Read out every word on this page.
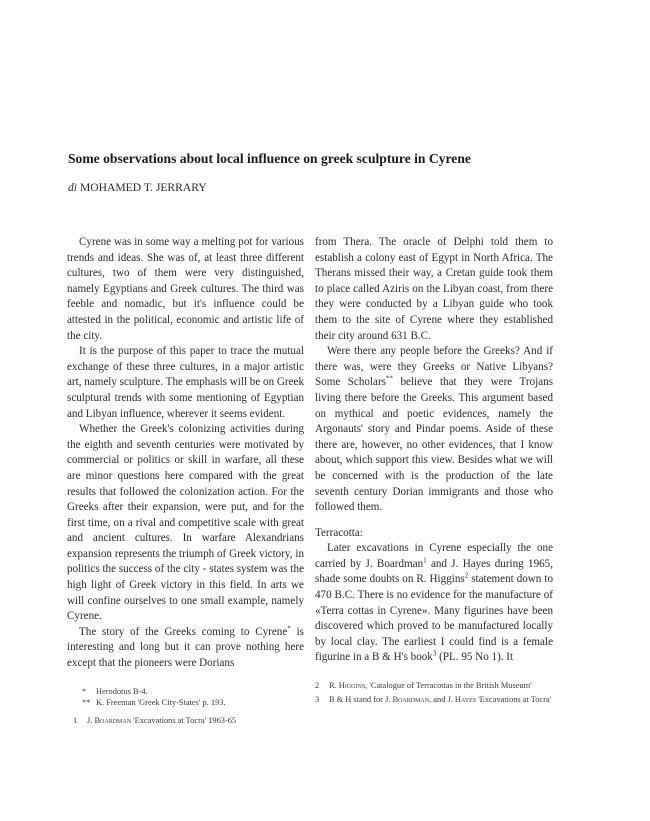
Some observations about local influence on greek sculpture in Cyrene
di MOHAMED T. JERRARY

Cyrene was in some way a melting pot for various trends and ideas. She was of, at least three different cultures, two of them were very distinguished, namely Egyptians and Greek cultures. The third was feeble and nomadic, but it's influence could be attested in the political, economic and artistic life of the city.

It is the purpose of this paper to trace the mutual exchange of these three cultures, in a major artistic art, namely sculpture. The emphasis will be on Greek sculptural trends with some mentioning of Egyptian and Libyan influence, wherever it seems evident.

Whether the Greek's colonizing activities during the eighth and seventh centuries were motivated by commercial or politics or skill in warfare, all these are minor questions here compared with the great results that followed the colonization action. For the Greeks after their expansion, were put, and for the first time, on a rival and competitive scale with great and ancient cultures. In warfare Alexandrians expansion represents the triumph of Greek victory, in politics the success of the city - states system was the high light of Greek victory in this field. In arts we will confine ourselves to one small example, namely Cyrene.

The story of the Greeks coming to Cyrene* is interesting and long but it can prove nothing here except that the pioneers were Dorians

from Thera. The oracle of Delphi told them to establish a colony east of Egypt in North Africa. The Therans missed their way, a Cretan guide took them to place called Aziris on the Libyan coast, from there they were conducted by a Libyan guide who took them to the site of Cyrene where they established their city around 631 B.C.

Were there any people before the Greeks? And if there was, were they Greeks or Native Libyans? Some Scholars** believe that they were Trojans living there before the Greeks. This argument based on mythical and poetic evidences, namely the Argonauts' story and Pindar poems. Aside of these there are, however, no other evidences, that I know about, which support this view. Besides what we will be concerned with is the production of the late seventh century Dorian immigrants and those who followed them.

Terracotta:

Later excavations in Cyrene especially the one carried by J. Boardman$^1$ and J. Hayes during 1965, shade some doubts on R. Higgins$^2$ statement down to 470 B.C. There is no evidence for the manufacture of «Terra cottas in Cyrene». Many figurines have been discovered which proved to be manufactured locally by local clay. The earliest I could find is a female figurine in a B & H's book$^3$ (PL. 95 No 1). It

* Herodotus B-4.
** K. Freeman 'Greek City-States' p. 193.
1 J. Boardman 'Excavations at Tocra' 1963-65
2 R. Higgins, 'Catalogue of Terracottas in the British Museum'
3 B & H stand for J. Boardman, and J. Hayes 'Excavations at Tocra'
